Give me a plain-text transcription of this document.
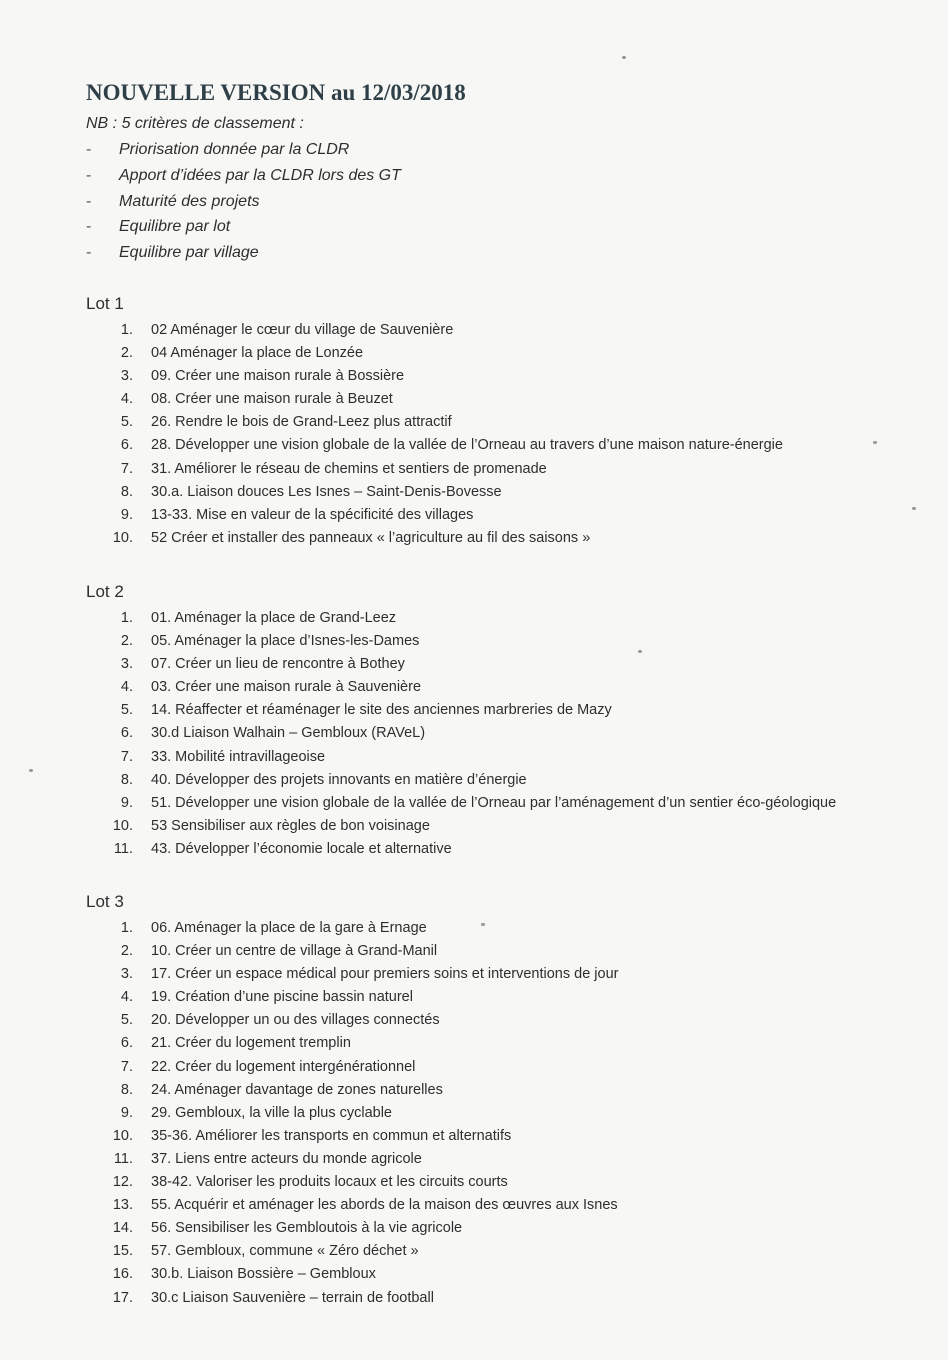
NOUVELLE VERSION au 12/03/2018
NB : 5 critères de classement :
- Priorisation donnée par la CLDR
- Apport d’idées par la CLDR lors des GT
- Maturité des projets
- Equilibre par lot
- Equilibre par village
Lot 1
1. 02 Aménager le cœur du village de Sauvenière
2. 04 Aménager la place de Lonzée
3. 09. Créer une maison rurale à Bossière
4. 08. Créer une maison rurale à Beuzet
5. 26. Rendre le bois de Grand-Leez plus attractif
6. 28. Développer une vision globale de la vallée de l’Orneau au travers d’une maison nature-énergie
7. 31. Améliorer le réseau de chemins et sentiers de promenade
8. 30.a. Liaison douces Les Isnes – Saint-Denis-Bovesse
9. 13-33. Mise en valeur de la spécificité des villages
10. 52 Créer et installer des panneaux « l’agriculture au fil des saisons »
Lot 2
1. 01. Aménager la place de Grand-Leez
2. 05. Aménager la place d’Isnes-les-Dames
3. 07. Créer un lieu de rencontre à Bothey
4. 03. Créer une maison rurale à Sauvenière
5. 14. Réaffecter et réaménager le site des anciennes marbreries de Mazy
6. 30.d Liaison Walhain – Gembloux (RAVeL)
7. 33. Mobilité intravillageoise
8. 40. Développer des projets innovants en matière d’énergie
9. 51. Développer une vision globale de la vallée de l’Orneau par l’aménagement d’un sentier éco-géologique
10. 53 Sensibiliser aux règles de bon voisinage
11. 43. Développer l’économie locale et alternative
Lot 3
1. 06. Aménager la place de la gare à Ernage
2. 10. Créer un centre de village à Grand-Manil
3. 17. Créer un espace médical pour premiers soins et interventions de jour
4. 19. Création d’une piscine bassin naturel
5. 20. Développer un ou des villages connectés
6. 21. Créer du logement tremplin
7. 22. Créer du logement intergénérationnel
8. 24. Aménager davantage de zones naturelles
9. 29. Gembloux, la ville la plus cyclable
10. 35-36. Améliorer les transports en commun et alternatifs
11. 37. Liens entre acteurs du monde agricole
12. 38-42. Valoriser les produits locaux et les circuits courts
13. 55. Acquérir et aménager les abords de la maison des œuvres aux Isnes
14. 56. Sensibiliser les Gembloutois à la vie agricole
15. 57. Gembloux, commune « Zéro déchet »
16. 30.b. Liaison Bossière – Gembloux
17. 30.c Liaison Sauvenière – terrain de football
